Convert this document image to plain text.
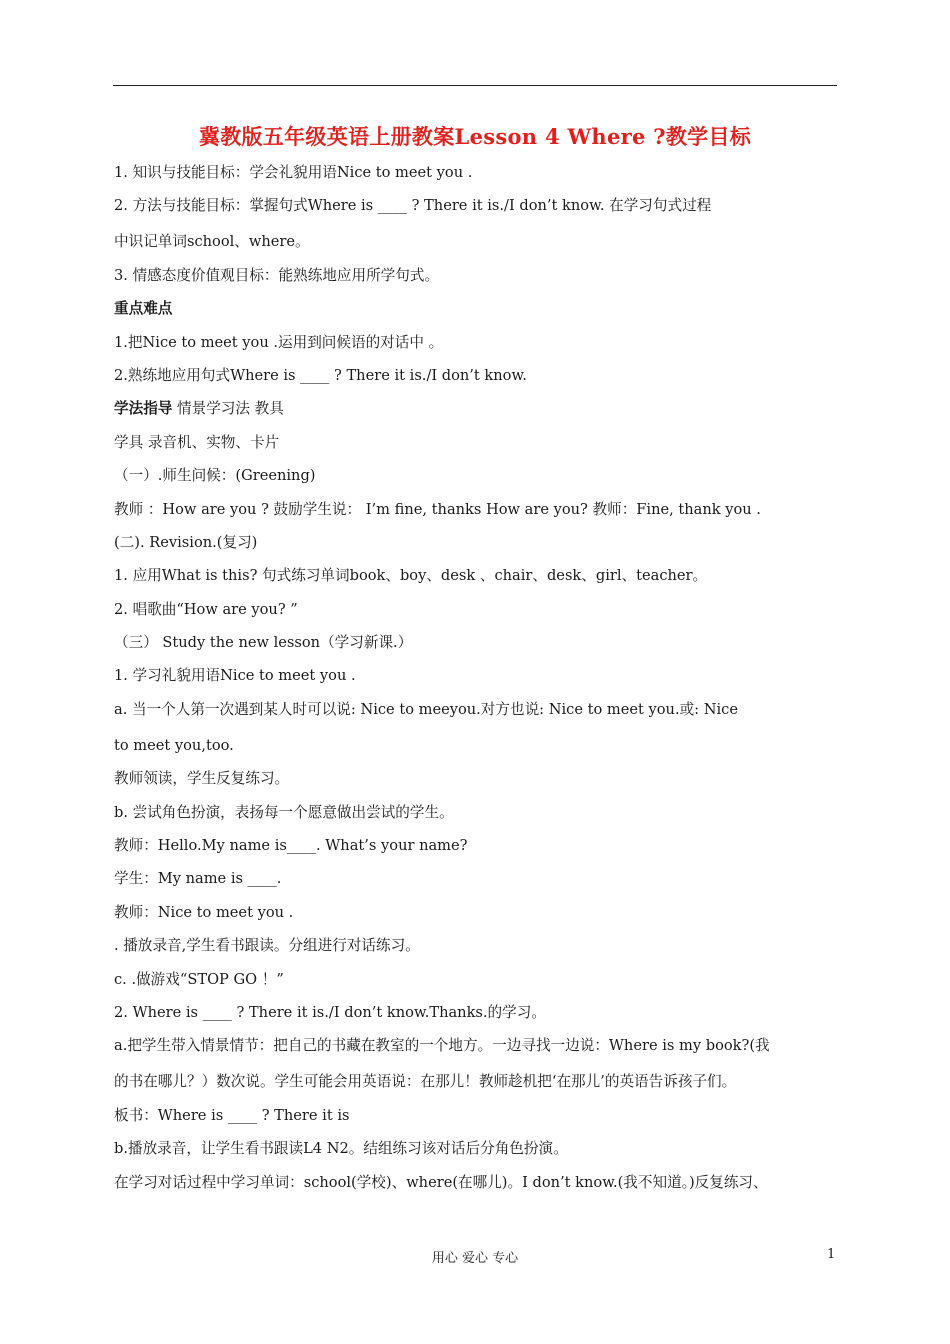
冀教版五年级英语上册教案Lesson 4 Where ?教学目标
1. 知识与技能目标：学会礼貌用语Nice to meet you .
2. 方法与技能目标：掌握句式Where is ____ ? There it is./I don’t know. 在学习句式过程
中识记单词school、where。
3. 情感态度价值观目标：能熟练地应用所学句式。
重点难点
1.把Nice to meet you .运用到问候语的对话中 。
2.熟练地应用句式Where is ____ ? There it is./I don’t know.
学法指导 情景学习法 教具
学具 录音机、实物、卡片
（一）.师生问候：(Greening)
教师 ：How are you ? 鼓励学生说： I’m fine, thanks How are you? 教师：Fine, thank you .
(二). Revision.(复习)
1. 应用What is this? 句式练习单词book、boy、desk 、chair、desk、girl、teacher。
2. 唱歌曲“How are you? ”
（三） Study the new lesson（学习新课.）
1. 学习礼貌用语Nice to meet you .
a. 当一个人第一次遇到某人时可以说: Nice to meeyou.对方也说: Nice to meet you.或: Nice
to meet you,too.
教师领读，学生反复练习。
b. 尝试角色扮演，表扬每一个愿意做出尝试的学生。
教师：Hello.My name is____. What’s your name?
学生：My name is ____.
教师：Nice to meet you .
. 播放录音,学生看书跟读。分组进行对话练习。
c. .做游戏“STOP GO ！”
2. Where is ____ ? There it is./I don’t know.Thanks.的学习。
a.把学生带入情景情节：把自己的书藏在教室的一个地方。一边寻找一边说：Where is my book?(我
的书在哪儿？）数次说。学生可能会用英语说：在那儿！教师趁机把‘在那儿’的英语告诉孩子们。
板书：Where is ____ ? There it is
b.播放录音，让学生看书跟读L4 N2。结组练习该对话后分角色扮演。
在学习对话过程中学习单词：school(学校)、where(在哪儿)。I don’t know.(我不知道。)反复练习、
用心 爱心 专心	1
